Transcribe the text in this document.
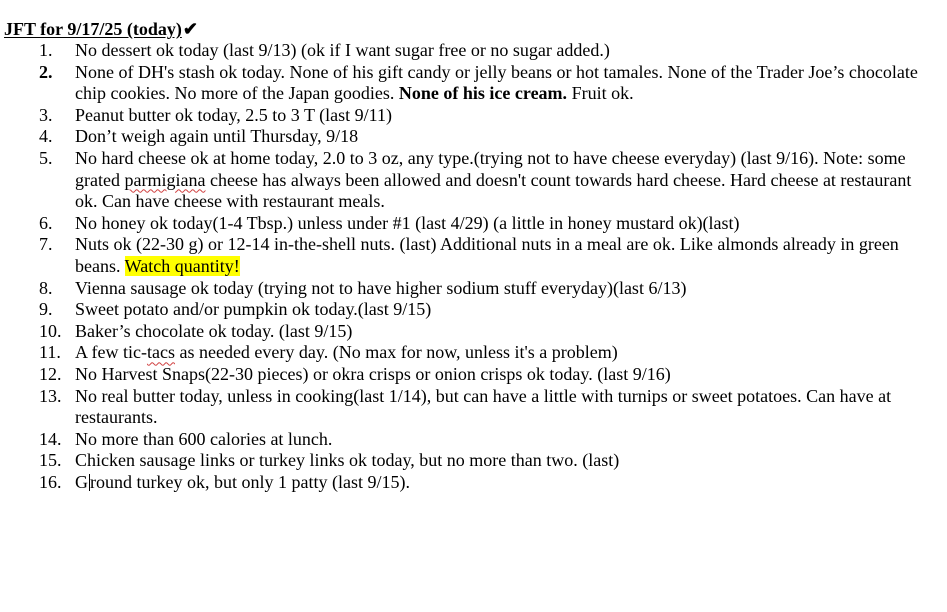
JFT for 9/17/25 (today)✔
1.	No dessert ok today (last 9/13) (ok if I want sugar free or no sugar added.)
2.	None of DH's stash ok today. None of his gift candy or jelly beans or hot tamales. None of the Trader Joe’s chocolate chip cookies. No more of the Japan goodies. None of his ice cream. Fruit ok.
3.	Peanut butter ok today, 2.5 to 3 T (last 9/11)
4.	Don’t weigh again until Thursday, 9/18
5.	No hard cheese ok at home today, 2.0 to 3 oz, any type.(trying not to have cheese everyday) (last 9/16). Note: some grated parmigiana cheese has always been allowed and doesn't count towards hard cheese. Hard cheese at restaurant ok. Can have cheese with restaurant meals.
6.	No honey ok today(1-4 Tbsp.) unless under #1 (last 4/29) (a little in honey mustard ok)(last)
7.	Nuts ok (22-30 g) or 12-14 in-the-shell nuts. (last) Additional nuts in a meal are ok. Like almonds already in green beans. Watch quantity!
8.	Vienna sausage ok today (trying not to have higher sodium stuff everyday)(last 6/13)
9.	Sweet potato and/or pumpkin ok today.(last 9/15)
10. Baker’s chocolate ok today. (last 9/15)
11. A few tic-tacs as needed every day. (No max for now, unless it's a problem)
12. No Harvest Snaps(22-30 pieces) or okra crisps or onion crisps ok today. (last 9/16)
13. No real butter today, unless in cooking(last 1/14), but can have a little with turnips or sweet potatoes. Can have at restaurants.
14. No more than 600 calories at lunch.
15. Chicken sausage links or turkey links ok today, but no more than two. (last)
16. G round turkey ok, but only 1 patty (last 9/15).
